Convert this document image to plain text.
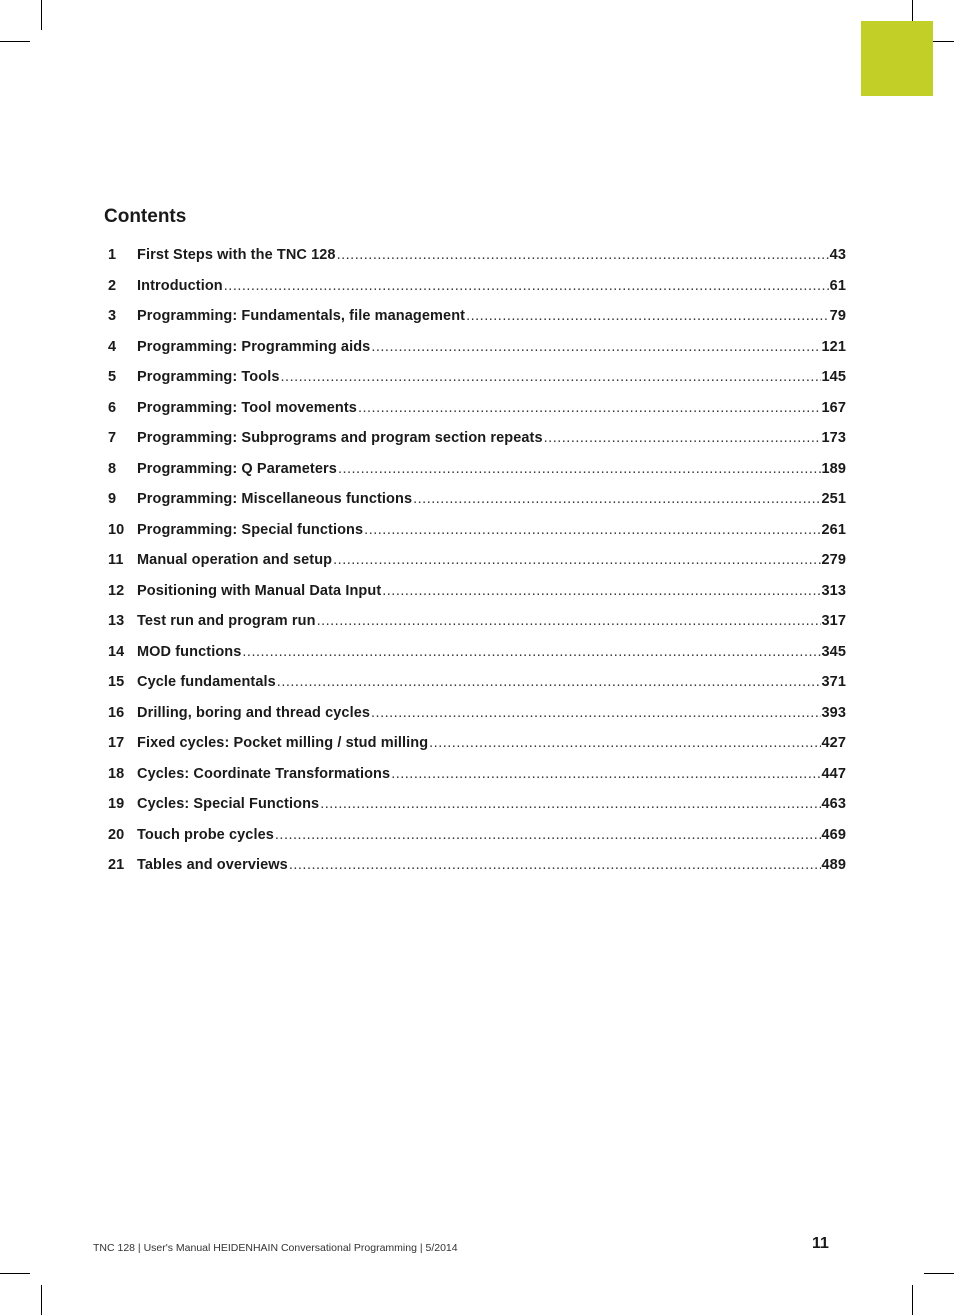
Contents
1	First Steps with the TNC 128 .....	43
2	Introduction .....	61
3	Programming: Fundamentals, file management .....	79
4	Programming: Programming aids .....	121
5	Programming: Tools .....	145
6	Programming: Tool movements .....	167
7	Programming: Subprograms and program section repeats .....	173
8	Programming: Q Parameters .....	189
9	Programming: Miscellaneous functions .....	251
10 Programming: Special functions .....	261
11 Manual operation and setup .....	279
12 Positioning with Manual Data Input .....	313
13 Test run and program run .....	317
14 MOD functions .....	345
15 Cycle fundamentals .....	371
16 Drilling, boring and thread cycles .....	393
17 Fixed cycles: Pocket milling / stud milling .....	427
18 Cycles: Coordinate Transformations .....	447
19 Cycles: Special Functions .....	463
20 Touch probe cycles .....	469
21 Tables and overviews .....	489
TNC 128 | User's Manual HEIDENHAIN Conversational Programming | 5/2014	11
